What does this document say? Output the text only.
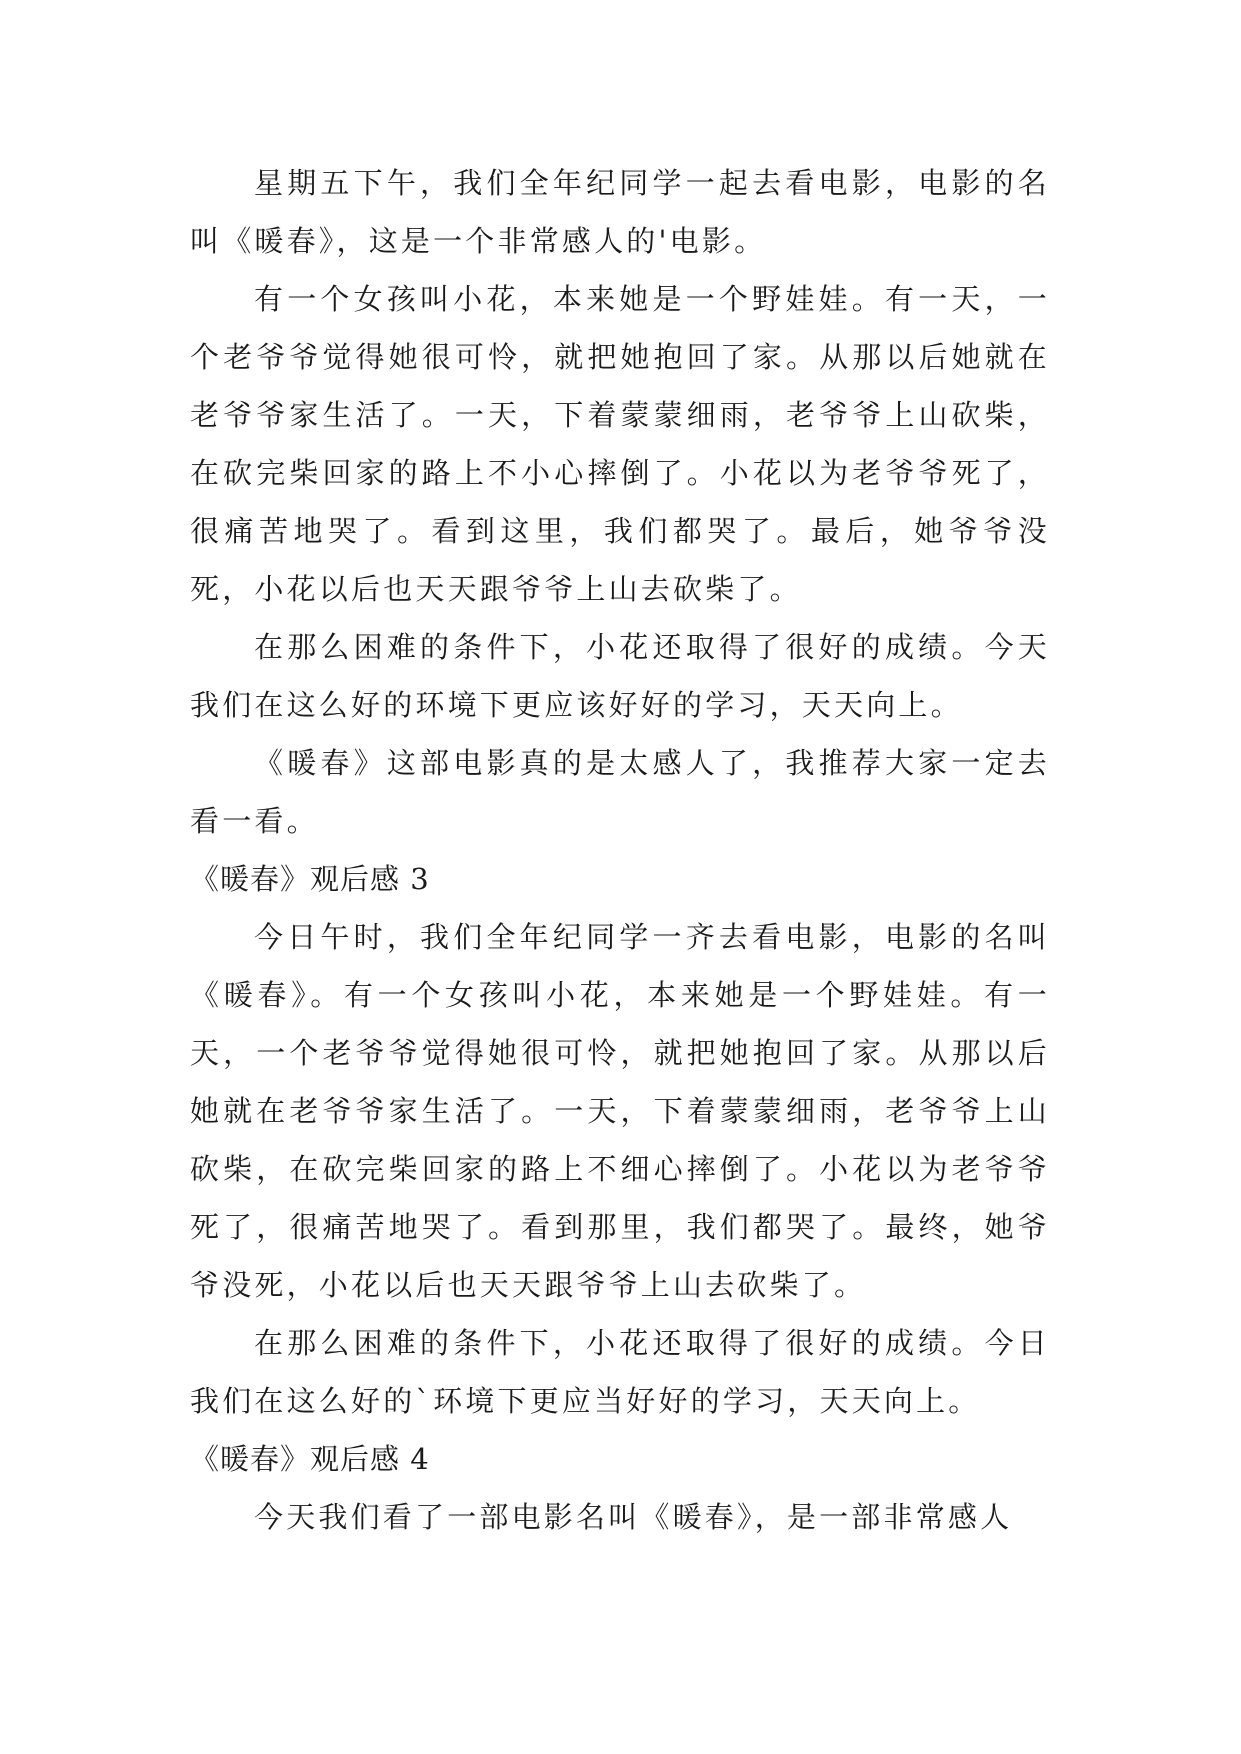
星期五下午，我们全年纪同学一起去看电影，电影的名叫《暖春》，这是一个非常感人的'电影。

有一个女孩叫小花，本来她是一个野娃娃。有一天，一个老爷爷觉得她很可怜，就把她抱回了家。从那以后她就在老爷爷家生活了。一天，下着蒙蒙细雨，老爷爷上山砍柴，在砍完柴回家的路上不小心摔倒了。小花以为老爷爷死了，很痛苦地哭了。看到这里，我们都哭了。最后，她爷爷没死，小花以后也天天跟爷爷上山去砍柴了。

在那么困难的条件下，小花还取得了很好的成绩。今天我们在这么好的环境下更应该好好的学习，天天向上。

《暖春》这部电影真的是太感人了，我推荐大家一定去看一看。

《暖春》观后感 3

今日午时，我们全年纪同学一齐去看电影，电影的名叫《暖春》。有一个女孩叫小花，本来她是一个野娃娃。有一天，一个老爷爷觉得她很可怜，就把她抱回了家。从那以后她就在老爷爷家生活了。一天，下着蒙蒙细雨，老爷爷上山砍柴，在砍完柴回家的路上不细心摔倒了。小花以为老爷爷死了，很痛苦地哭了。看到那里，我们都哭了。最终，她爷爷没死，小花以后也天天跟爷爷上山去砍柴了。

在那么困难的条件下，小花还取得了很好的成绩。今日我们在这么好的`环境下更应当好好的学习，天天向上。

《暖春》观后感 4

今天我们看了一部电影名叫《暖春》，是一部非常感人
